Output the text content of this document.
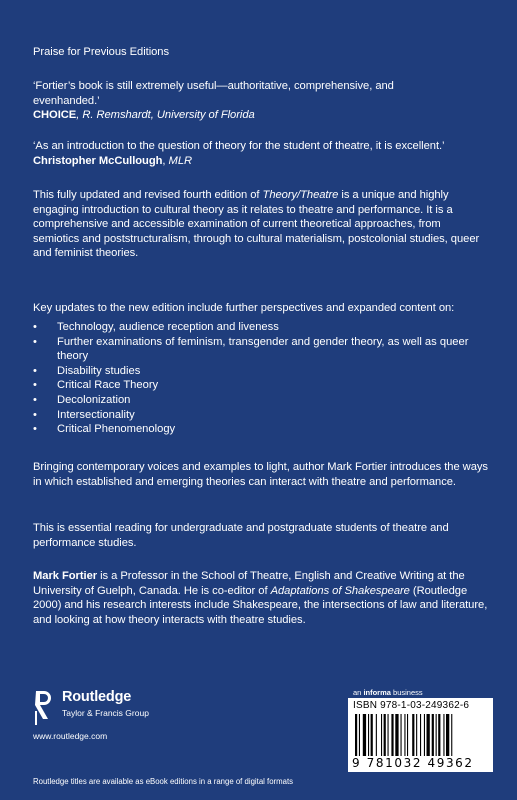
Praise for Previous Editions
‘Fortier’s book is still extremely useful—authoritative, comprehensive, and
evenhanded.’
CHOICE, R. Remshardt, University of Florida
‘As an introduction to the question of theory for the student of theatre, it is excellent.’
Christopher McCullough, MLR
This fully updated and revised fourth edition of Theory/Theatre is a unique and highly engaging introduction to cultural theory as it relates to theatre and performance. It is a comprehensive and accessible examination of current theoretical approaches, from semiotics and poststructuralism, through to cultural materialism, postcolonial studies, queer and feminist theories.
Key updates to the new edition include further perspectives and expanded content on:
• Technology, audience reception and liveness
• Further examinations of feminism, transgender and gender theory, as well as queer theory
• Disability studies
• Critical Race Theory
• Decolonization
• Intersectionality
• Critical Phenomenology
Bringing contemporary voices and examples to light, author Mark Fortier introduces the ways in which established and emerging theories can interact with theatre and performance.
This is essential reading for undergraduate and postgraduate students of theatre and performance studies.
Mark Fortier is a Professor in the School of Theatre, English and Creative Writing at the University of Guelph, Canada. He is co-editor of Adaptations of Shakespeare (Routledge 2000) and his research interests include Shakespeare, the intersections of law and literature, and looking at how theory interacts with theatre studies.
Routledge
Taylor & Francis Group
www.routledge.com
an informa business
ISBN 978-1-03-249362-6
9 781032 49362
Routledge titles are available as eBook editions in a range of digital formats
